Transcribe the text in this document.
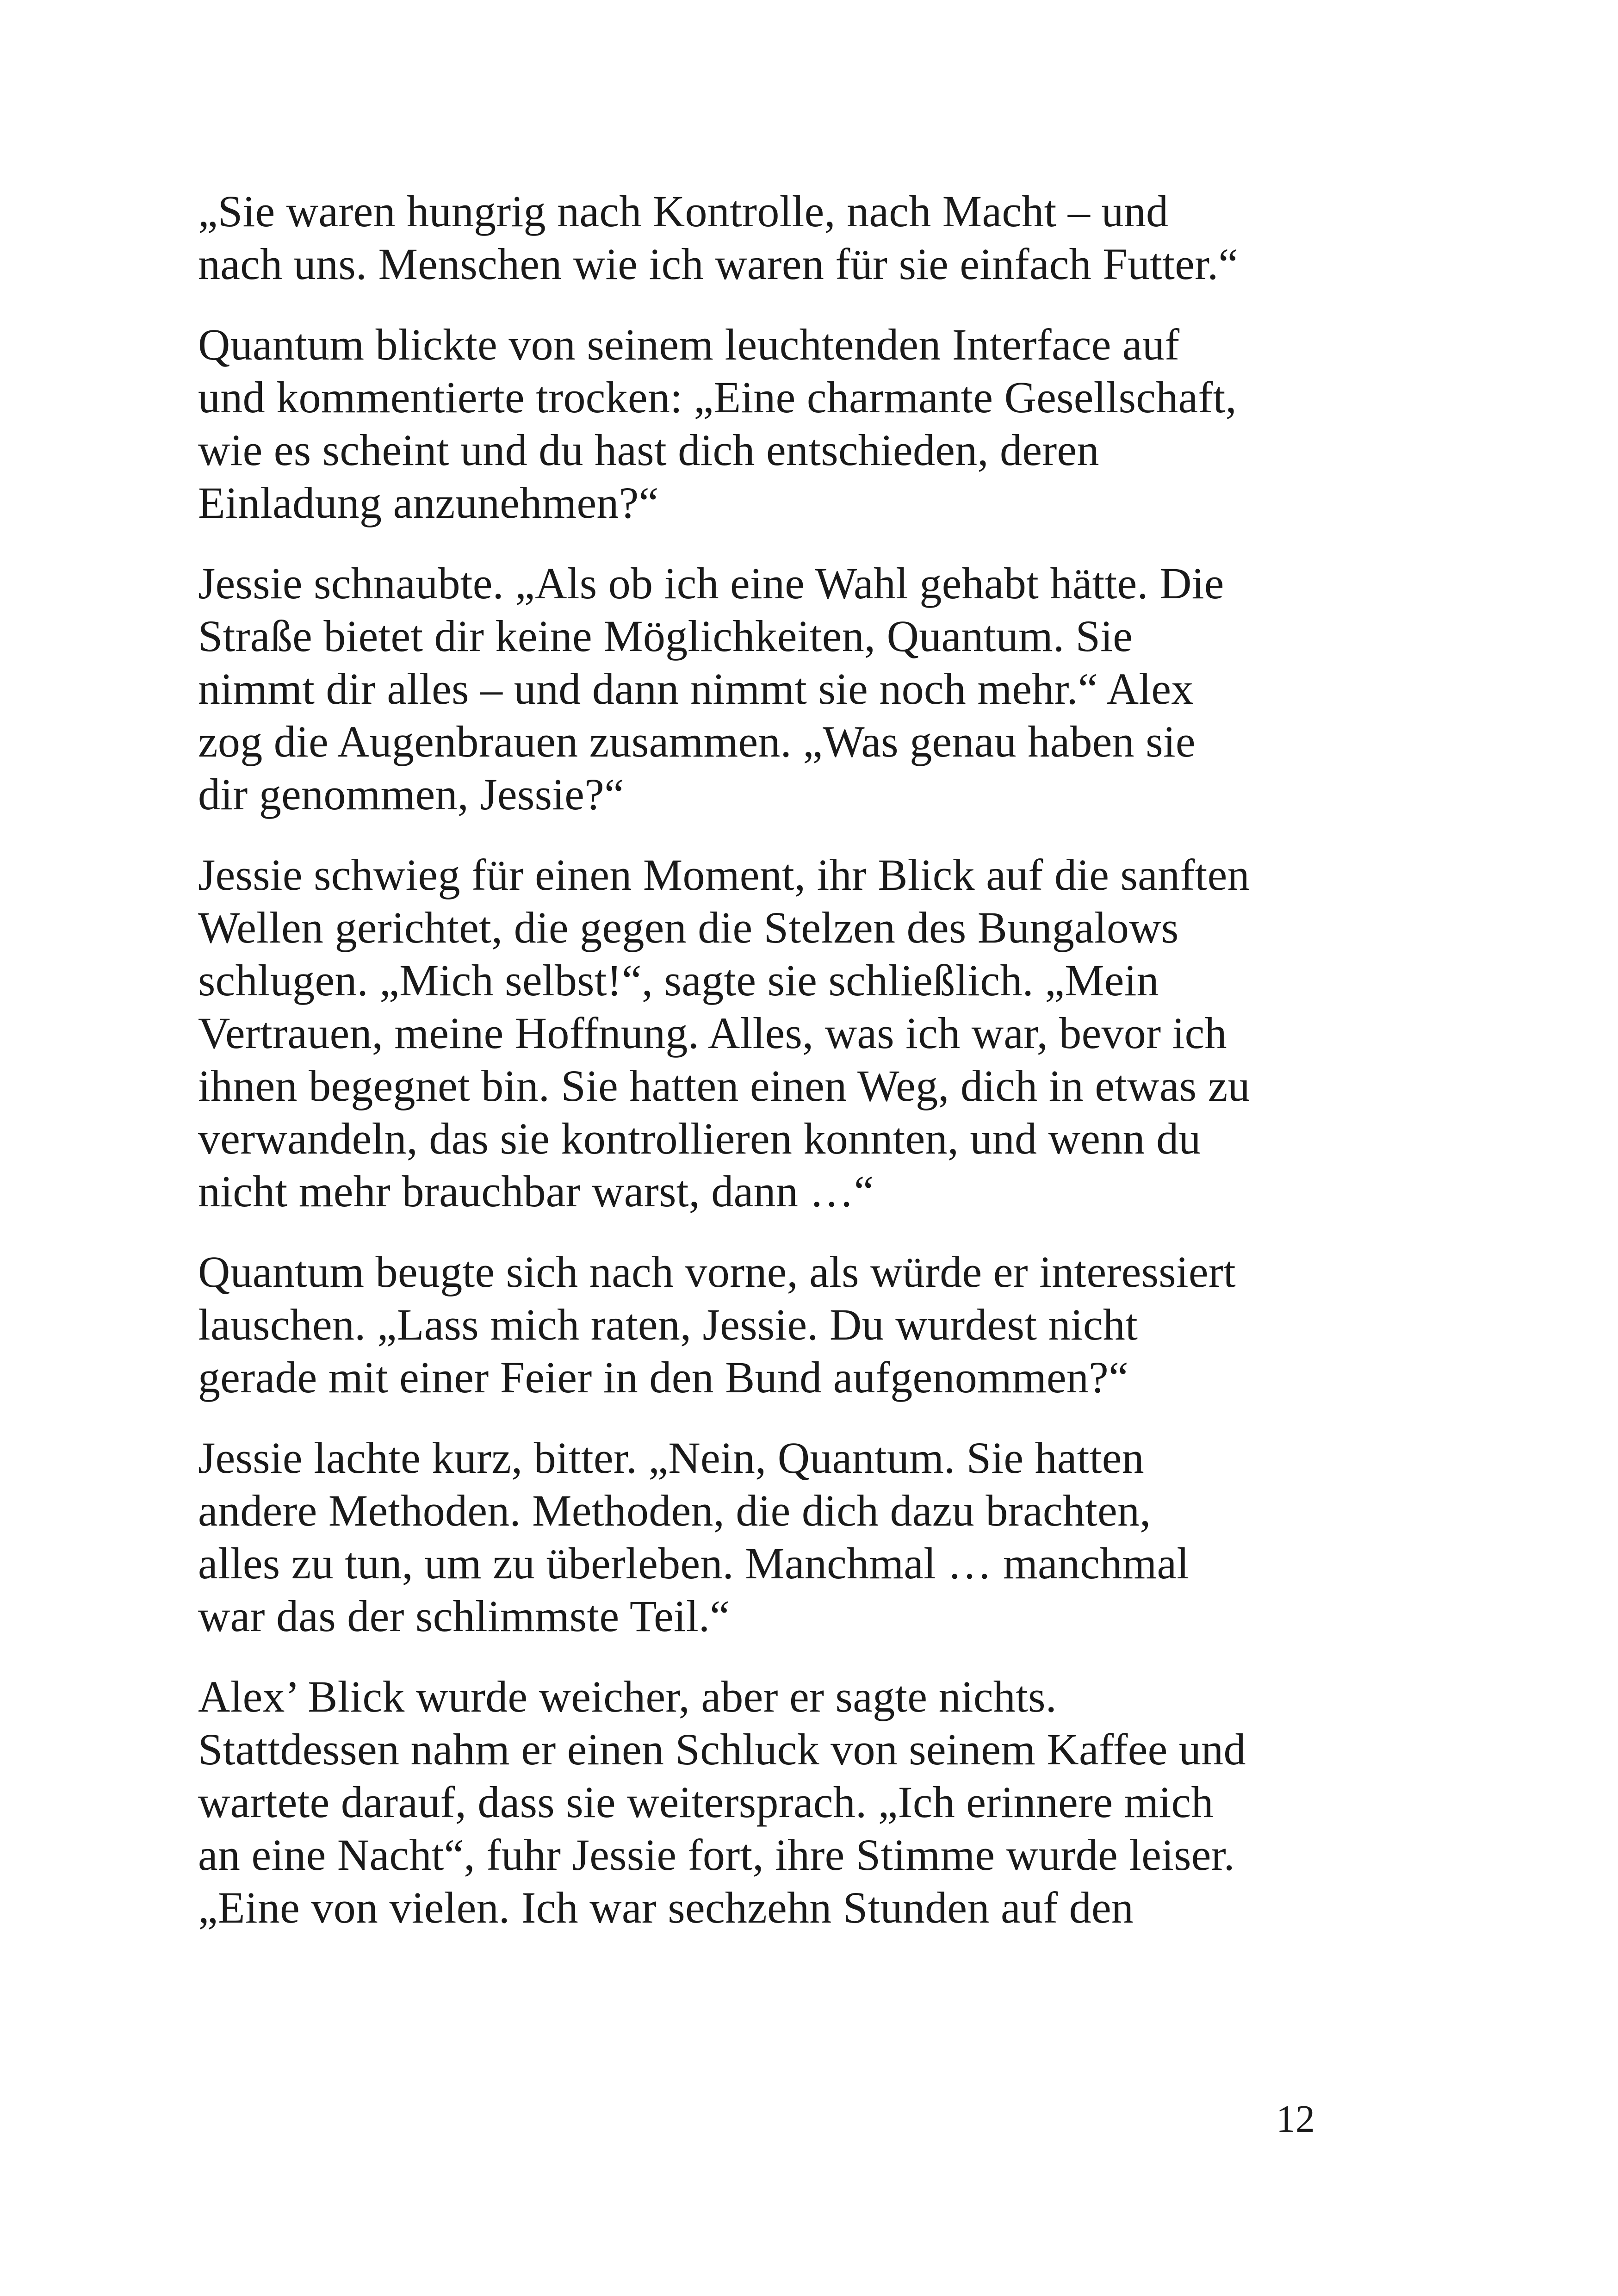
„Sie waren hungrig nach Kontrolle, nach Macht – und
nach uns. Menschen wie ich waren für sie einfach Futter.“

Quantum blickte von seinem leuchtenden Interface auf
und kommentierte trocken: „Eine charmante Gesellschaft,
wie es scheint und du hast dich entschieden, deren
Einladung anzunehmen?“

Jessie schnaubte. „Als ob ich eine Wahl gehabt hätte. Die
Straße bietet dir keine Möglichkeiten, Quantum. Sie
nimmt dir alles – und dann nimmt sie noch mehr.“ Alex
zog die Augenbrauen zusammen. „Was genau haben sie
dir genommen, Jessie?“

Jessie schwieg für einen Moment, ihr Blick auf die sanften
Wellen gerichtet, die gegen die Stelzen des Bungalows
schlugen. „Mich selbst!“, sagte sie schließlich. „Mein
Vertrauen, meine Hoffnung. Alles, was ich war, bevor ich
ihnen begegnet bin. Sie hatten einen Weg, dich in etwas zu
verwandeln, das sie kontrollieren konnten, und wenn du
nicht mehr brauchbar warst, dann …“

Quantum beugte sich nach vorne, als würde er interessiert
lauschen. „Lass mich raten, Jessie. Du wurdest nicht
gerade mit einer Feier in den Bund aufgenommen?“

Jessie lachte kurz, bitter. „Nein, Quantum. Sie hatten
andere Methoden. Methoden, die dich dazu brachten,
alles zu tun, um zu überleben. Manchmal … manchmal
war das der schlimmste Teil.“

Alex’ Blick wurde weicher, aber er sagte nichts.
Stattdessen nahm er einen Schluck von seinem Kaffee und
wartete darauf, dass sie weitersprach. „Ich erinnere mich
an eine Nacht“, fuhr Jessie fort, ihre Stimme wurde leiser.
„Eine von vielen. Ich war sechzehn Stunden auf den

12
